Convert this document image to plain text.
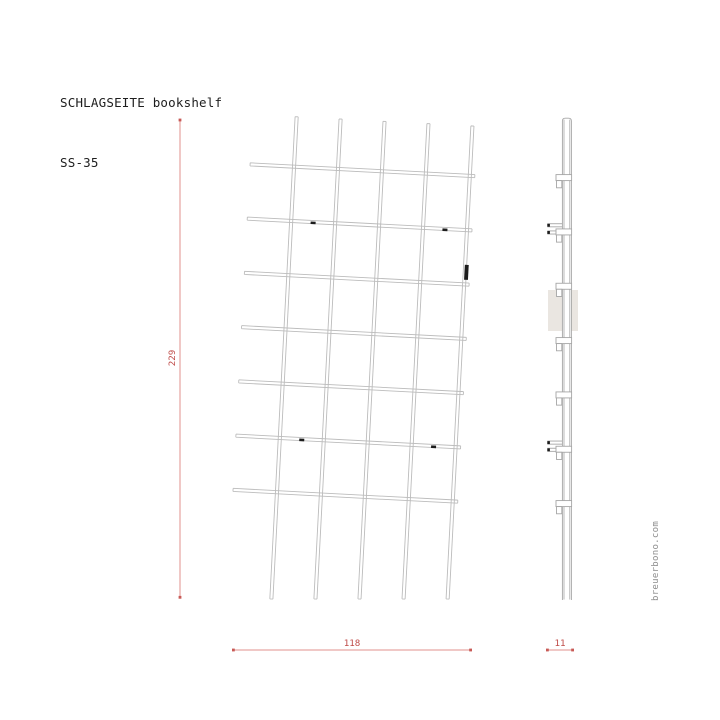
SCHLAGSEITE bookshelf

SS-35

229
118	11
breuerbono.com
